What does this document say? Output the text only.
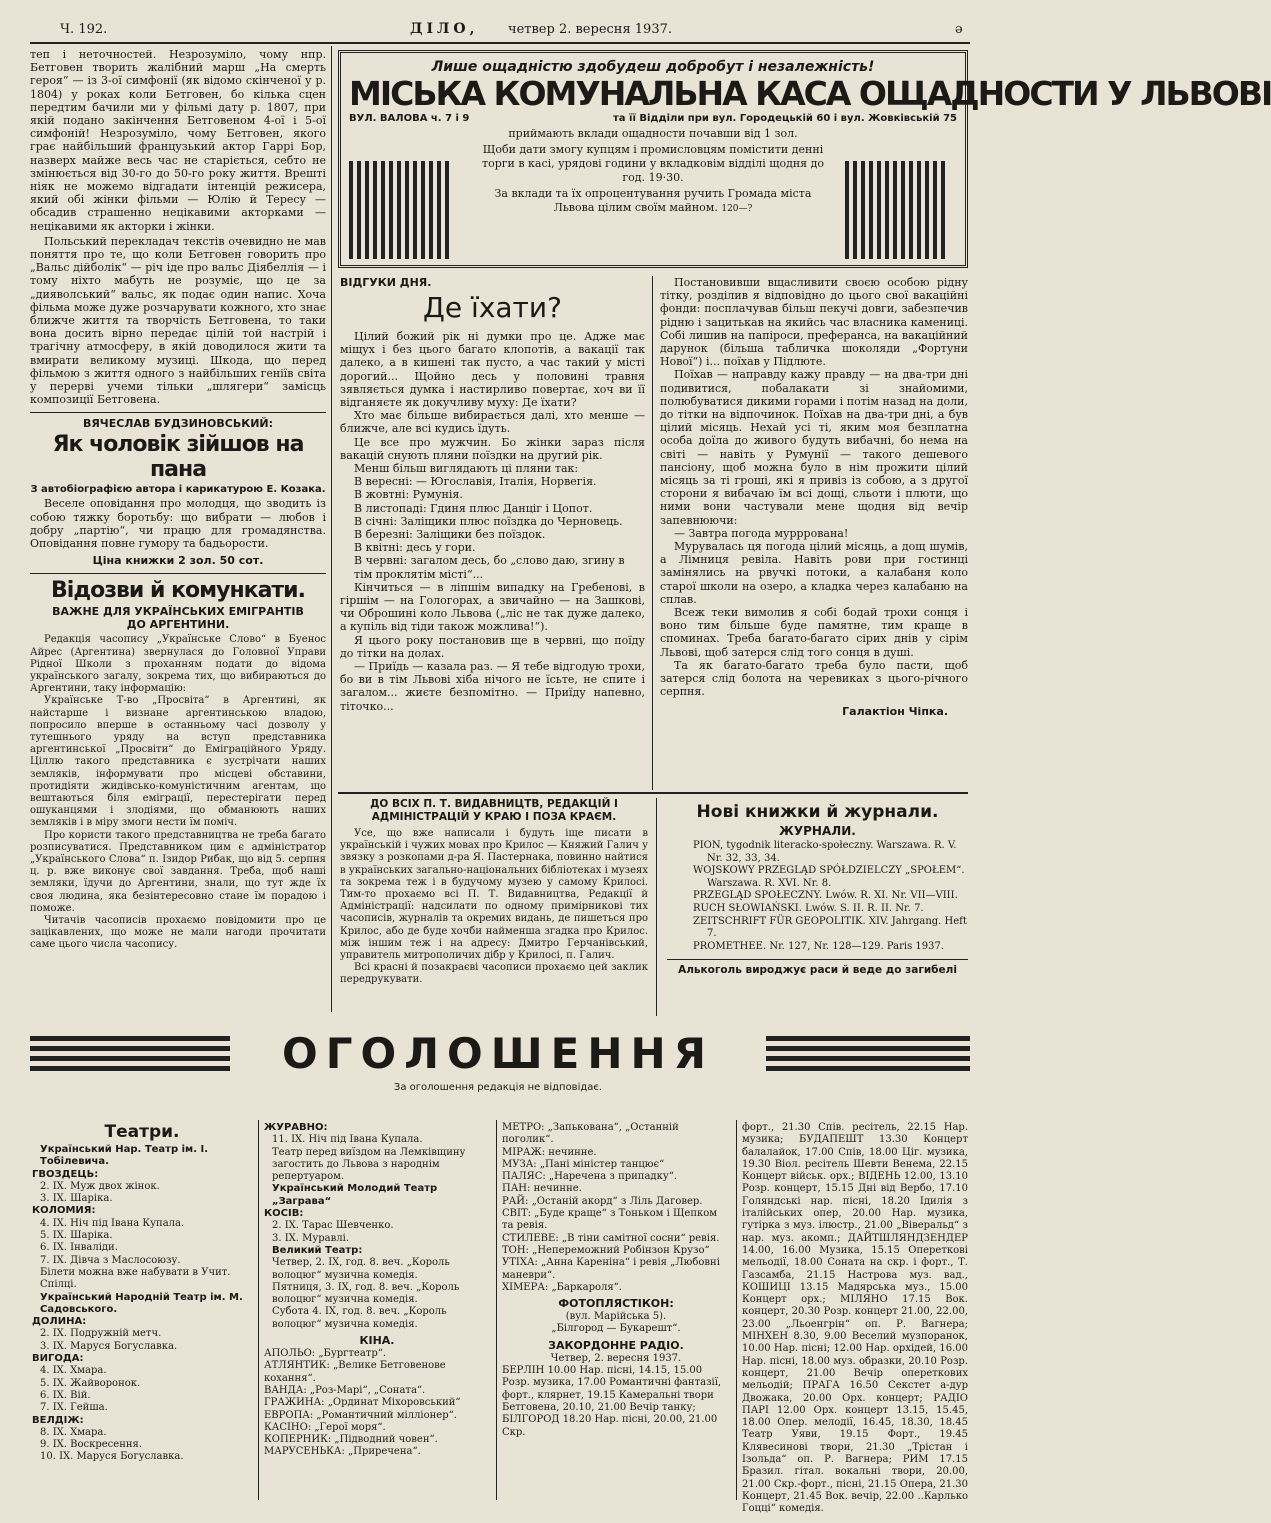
Ч. 192.	ДІЛО, четвер 2. вересня 1937.	ә

теп і неточностей. Незрозуміло, чому нпр. Бетговен творить жалібний марш „На смерть героя“ — із 3-ої симфонії (як відомо скінченої у р. 1804) у роках коли Бетговен, бо кілька сцен передтим бачили ми у фільмі дату р. 1807, при якій подано закінчення Бетговеном 4-ої і 5-ої симфоній! Незрозуміло, чому Бетговен, якого грає найбільший французький актор Гаррі Бор, назверх майже весь час не старіється, себто не змінюється від 30-го до 50-го року життя. Врешті ніяк не можемо відгадати інтенцій режисера, який обі жінки фільми — Юлію й Тересу — обсадив страшенно нецікавими акторками — нецікавими як акторки і жінки.

Польський перекладач текстів очевидно не мав поняття про те, що коли Бетговен говорить про „Вальс дійболік“ — річ іде про вальс Діябеллія — і тому ніхто мабуть не розуміє, що це за „дияволський“ вальс, як подає один напис. Хоча фільма може дуже розчарувати кожного, хто знає ближче життя та творчість Бетговена, то таки вона досить вірно передає цілій той настрій і трагічну атмосферу, в якій доводилося жити та вмирати великому музиці. Шкода, що перед фільмою з життя одного з найбільших геніїв світа у перерві учеми тільки „шлягери“ замісць композиції Бетговена.

ВЯЧЕСЛАВ БУДЗИНОВСЬКИЙ:
Як чоловік зійшов на пана
З автобіографією автора і карикатурою Е. Козака.

Веселе оповідання про молодця, що зводить із собою тяжку боротьбу: що вибрати — любов і добру „партію“, чи працю для громадянства. Оповідання повне гумору та бадьорости.

Ціна книжки 2 зол. 50 сот.
Відозви й комункати.
ВАЖНЕ ДЛЯ УКРАЇНСЬКИХ ЕМІГРАНТІВ
ДО АРГЕНТИНИ.

Редакція часопису „Українське Слово“ в Буенос Айрес (Аргентина) звернулася до Головної Управи Рідної Школи з проханням подати до відома українського загалу, зокрема тих, що вибираються до Аргентини, таку інформацію:

Українське Т-во „Просвіта“ в Аргентині, як найстарше і визнане аргентинською владою, попросило вперше в останньому часі дозволу у тутешнього уряду на вступ представника аргентинської „Просвіти“ до Еміграційного Уряду. Ціллю такого представника є зустрічати наших земляків, інформувати про місцеві обставини, протидіяти жидівсько-комуністичним агентам, що вештаються біля еміграції, перестерігати перед ошуканцями і злодіями, що обманюють наших земляків і в міру змоги нести їм поміч.

Про користи такого представництва не треба багато розписуватися. Представником цим є адміністратор „Українського Слова“ п. Ізидор Рибак, що від 5. серпня ц. р. вже виконує свої завдання. Треба, щоб наші земляки, їдучи до Аргентини, знали, що тут жде їх своя людина, яка безінтересовно стане їм порадою і поможе.

Читачів часописів прохаємо повідомити про це зацікавлених, що може не мали нагоди прочитати саме цього числа часопису.

Лише ощадністю здобудеш добробут і незалежність!
МІСЬКА КОМУНАЛЬНА КАСА ОЩАДНОСТИ У ЛЬВОВІ
ВУЛ. ВАЛОВА ч. 7 і 9	та її Відділи при вул. Городецькій 60 і вул. Жовківській 75
приймають вклади ощадности почавши від 1 зол.
Щоби дати змогу купцям і промисловцям помістити денні торги в касі, урядові години у вкладковім відділі щодня до год. 19·30.
За вклади та їх опроцентування ручить Громада міста Львова цілим своїм майном. 120—?
ВІДГУКИ ДНЯ.
Де їхати?

Цілий божий рік ні думки про це. Адже має міщух і без цього багато клопотів, а вакації так далеко, а в кишені так пусто, а час такий у місті дорогий... Щойно десь у половині травня зявляється думка і настирливо повертає, хоч ви її відганяєте як докучливу муху: Де їхати?

Хто має більше вибирається далі, хто менше — ближче, але всі кудись їдуть.

Це все про мужчин. Бо жінки зараз після вакацій снують пляни поїздки на другий рік.

Менш більш виглядають ці пляни так:

В вересні: — Югославія, Італія, Норвегія.
В жовтні: Румунія.
В листопаді: Гдиня плюс Данціг і Цопот.
В січні: Заліщики плюс поїздка до Черновець.
В березні: Заліщики без поїздок.
В квітні: десь у гори.
В червні: загалом десь, бо „слово даю, згину в тім проклятім місті“...

Кінчиться — в ліпшім випадку на Гребенові, в гіршім — на Гологорах, а звичайно — на Зашкові, чи Оброшині коло Львова („ліс не так дуже далеко, а купіль від тіди також можлива!“).

Я цього року постановив ще в червні, що поїду до тітки на долах.

— Приїдь — казала раз. — Я тебе відгодую трохи, бо ви в тім Львові хіба нічого не їсьте, не спите і загалом... жиєте безпомітно. — Приїду напевно, тіточко...

Постановивши вщасливити своєю особою рідну тітку, розділив я відповідно до цього свої вакаційні фонди: посплачував більш пекучі довги, забезпечив рідню і зацитькав на якийсь час власника камениці. Собі лишив на папіроси, преферанса, на вакаційний дарунок (більша табличка шоколяди „Фортуни Нової“) і... поїхав у Підлюте.

Поїхав — направду кажу правду — на два-три дні подивитися, побалакати зі знайомими, полюбуватися дикими горами і потім назад на доли, до тітки на відпочинок. Поїхав на два-три дні, а був цілий місяць. Нехай усі ті, яким моя безплатна особа доїла до живого будуть вибачні, бо нема на світі — навіть у Румунії — такого дешевого пансіону, щоб можна було в нім прожити цілий місяць за ті гроші, які я привіз із собою, а з другої сторони я вибачаю їм всі дощі, сльоти і плюти, що ними вони частували мене щодня від вечір запевнюючи:

— Завтра погода мурррована!

Мурувалась ця погода цілий місяць, а дощ шумів, а Лімниця ревіла. Навіть рови при гостинці замінялись на рвучкі потоки, а калабаня коло старої школи на озеро, а кладка через калабаню на сплав.

Всеж теки вимолив я собі бодай трохи сонця і воно тим більше буде памятне, тим кращe в споминах. Треба багато-багато сірих днів у сірім Львові, щоб затерся слід того сонця в душі.

Та як багато-багато треба було пасти, щоб затерся слід болота на черевиках з цього-річного серпня.

Галактіон Чіпка.
ДО ВСІХ П. Т. ВИДАВНИЦТВ, РЕДАКЦІЙ І АДМІНІСТРАЦІЙ У КРАЮ І ПОЗА КРАЄМ.

Усе, що вже написали і будуть іще писати в українській і чужих мовах про Крилос — Княжий Галич у звязку з розкопами д-ра Я. Пастернака, повинно найтися в українських загально-національних бібліотеках і музеях та зокрема теж і в будучому музею у самому Крилосі. Тим-то прохаємо всі П. Т. Видавництва, Редакції й Адміністрації: надсилати по одному примірникові тих часописів, журналів та окремих видань, де пишеться про Крилос, або де буде хочби найменша згадка про Крилос. між іншим теж і на адресу: Дмитро Герчанівський, управитель митрополичих дібр у Крилосі, п. Галич.

Всі красні й позакраєві часописи прохаємо цей заклик передрукувати.

Нові книжки й журнали.
ЖУРНАЛИ.
PION, tygodnik literacko-społeczny. Warszawa. R. V. Nr. 32, 33, 34.
WOJSKOWY PRZEGLĄD SPÓŁDZIELCZY „SPOŁEM“. Warszawa. R. XVI. Nr. 8.
PRZEGLĄD SPOŁECZNY. Lwów. R. XI. Nr. VII—VIII.
RUCH SŁOWIAŃSKI. Lwów. S. II. R. II. Nr. 7.
ZEITSCHRIFT FÜR GEOPOLITIK. XIV. Jahrgang. Heft 7.
PROMETHEE. Nr. 127, Nr. 128—129. Paris 1937.
Алькоголь вироджує раси й веде до загибелі
ОГОЛОШЕННЯ
За оголошення редакція не відповідає.
Театри.
Український Нар. Театр ім. І. Тобілевича.
ГВОЗДЕЦЬ:
2. IX. Муж двох жінок.
3. IX. Шаріка.
КОЛОМИЯ:
4. IX. Ніч під Івана Купала.
5. IX. Шаріка.
6. IX. Інваліди.
7. IX. Дівча з Маслосоюзу.
Білети можна вже набувати в Учит. Спілці.
Український Народній Театр ім. М. Садовського.
ДОЛИНА:
2. IX. Подружній метч.
3. IX. Маруся Богуславка.
ВИГОДА:
4. IX. Хмара.
5. IX. Жайворонок.
6. IX. Вій.
7. IX. Гейша.
ВЕЛДІЖ:
8. IX. Хмара.
9. IX. Воскресення.
10. IX. Маруся Богуславка.
ЖУРАВНО:
11. IX. Ніч під Івана Купала.
Театр перед виїздом на Лемківщину загостить до Львова з народнім репертуаром.
Український Молодий Театр „Заграва“
КОСІВ:
2. IX. Тарас Шевченко.
3. IX. Муравлі.
Великий Театр:
Четвер, 2. IX, год. 8. веч. „Король волоцюг“ музична комедія.
Пятниця, 3. IX, год. 8. веч. „Король волоцюг“ музична комедія.
Субота 4. IX, год. 8. веч. „Король волоцюг“ музична комедія.
КІНА.
АПОЛЬО: „Бургтеатр“.
АТЛЯНТИК: „Велике Бетговенове кохання“.
ВАНДА: „Роз-Марі“, „Соната“.
ГРАЖИНА: „Ординат Міхоровський“
ЕВРОПА: „Романтичний мілліонер“.
КАСІНО: „Герої моря“.
КОПЕРНИК: „Підводний човен“.
МАРУСЕНЬКА: „Приречена“.
МЕТРО: „Запькована“, „Останній поголик“.
МІРАЖ: нечинне.
МУЗА: „Пані міністер танцює“
ПАЛЯС: „Наречена з припадку“.
ПАН: нечинне.
РАЙ: „Останій акорд“ з Ліль Даговер.
СВІТ: „Буде краще“ з Тоньком і Щепком та ревія.
СТИЛЕВЕ: „В тіни самітної сосни“ ревія.
ТОН: „Непереможний Робінзон Крузо“
УТІХА: „Анна Кареніна“ і ревія „Любовні маневри“.
ХІМЕРА: „Баркароля“.
ФОТОПЛЯСТІКОН:
(вул. Марійська 5).
„Білгород — Букарешт“.
ЗАКОРДОННЕ РАДІО.
Четвер, 2. вересня 1937.
БЕРЛІН 10.00 Нар. пісні, 14.15, 15.00 Розр. музика, 17.00 Романтичні фантазії, форт., клярнет, 19.15 Камеральні твори Бетговена, 20.10, 21.00 Вечір танку; БІЛГОРОД 18.20 Нар. пісні, 20.00, 21.00 Скр.

форт., 21.30 Спів. ресітель, 22.15 Нар. музика; БУДАПЕШТ 13.30 Концерт балалайок, 17.00 Спів, 18.00 Ціг. музика, 19.30 Віол. ресітель Шевти Венема, 22.15 Концерт військ. орх.; ВІДЕНЬ 12.00, 13.10 Розр. концерт, 15.15 Дні від Вербо, 17.10 Голяндські нар. пісні, 18.20 Ідилія з італійських опер, 20.00 Нар. музика, гутірка з муз. ілюстр., 21.00 „Віверальд“ з нар. муз. акомп.; ДАЙТШЛЯНДЗЕНДЕР 14.00, 16.00 Музика, 15.15 Опереткові мельодії, 18.00 Соната на скр. і форт., Т. Газсамба, 21.15 Настрова муз. вад., КОШИЦІ 13.15 Мадярська муз., 15.00 Концерт орх.; МІЛЯНО 17.15 Вок. концерт, 20.30 Розр. концерт 21.00, 22.00, 23.00 „Льоенгрін“ оп. Р. Вагнера; МІНХЕН 8.30, 9.00 Веселий музпоранок, 10.00 Нар. пісні; 12.00 Нар. орхідей, 16.00 Нар. пісні, 18.00 муз. образки, 20.10 Розр. концерт, 21.00 Вечір опереткових мельодій; ПРАГА 16.50 Секстет а-дур Двожака, 20.00 Орх. концерт; РАДІО ПАРІ 12.00 Орх. концерт 13.15, 15.45, 18.00 Опер. мелодії, 16.45, 18.30, 18.45 Театр Уяви, 19.15 Форт., 19.45 Клявесинові твори, 21.30 „Трістан і Ізольда“ оп. Р. Вагнера; РИМ 17.15 Бразил. гітал. вокальні твори, 20.00, 21.00 Скр.-форт., пісні, 21.15 Опера, 21.30 Концерт, 21.45 Вок. вечір, 22.00 ..Карлько Гоцці“ комедія.
